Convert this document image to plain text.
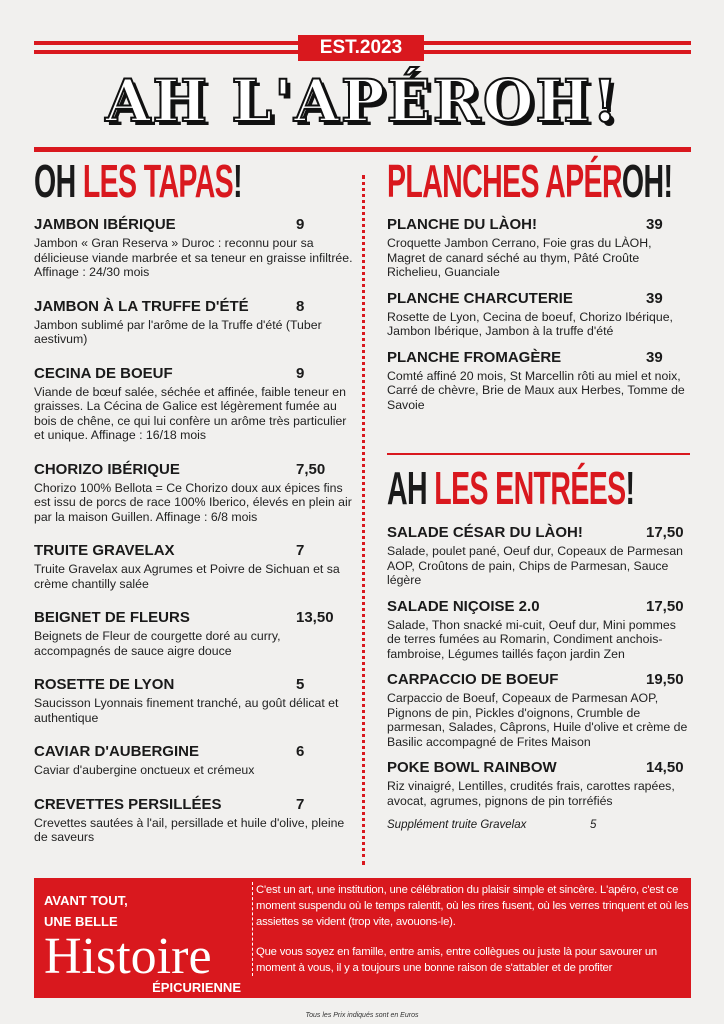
EST.2023
AH L'APÉROH!
OH LES TAPAS!	PLANCHES APÉROH!
JAMBON IBÉRIQUE	9
Jambon « Gran Reserva » Duroc : reconnu pour sa délicieuse viande marbrée et sa teneur en graisse infiltrée. Affinage : 24/30 mois
JAMBON À LA TRUFFE D'ÉTÉ	8
Jambon sublimé par l'arôme de la Truffe d'été (Tuber aestivum)
CECINA DE BOEUF	9
Viande de bœuf salée, séchée et affinée, faible teneur en graisses. La Cécina de Galice est légèrement fumée au bois de chêne, ce qui lui confère un arôme très particulier et unique. Affinage : 16/18 mois
CHORIZO IBÉRIQUE	7,50
Chorizo 100% Bellota = Ce Chorizo doux aux épices fins est issu de porcs de race 100% Iberico, élevés en plein air par la maison Guillen. Affinage : 6/8 mois
TRUITE GRAVELAX	7
Truite Gravelax aux Agrumes et Poivre de Sichuan et sa crème chantilly salée
BEIGNET DE FLEURS	13,50
Beignets de Fleur de courgette doré au curry, accompagnés de sauce aigre douce
ROSETTE DE LYON	5
Saucisson Lyonnais finement tranché, au goût délicat et authentique
CAVIAR D'AUBERGINE	6
Caviar d'aubergine onctueux et crémeux
CREVETTES PERSILLÉES	7
Crevettes sautées à l'ail, persillade et huile d'olive, pleine de saveurs
PLANCHE DU LÀOH!	39
Croquette Jambon Cerrano, Foie gras du LÀOH, Magret de canard séché au thym, Pâté Croûte Richelieu, Guanciale
PLANCHE CHARCUTERIE	39
Rosette de Lyon, Cecina de boeuf, Chorizo Ibérique, Jambon Ibérique, Jambon à la truffe d'été
PLANCHE FROMAGÈRE	39
Comté affiné 20 mois, St Marcellin rôti au miel et noix, Carré de chèvre, Brie de Maux aux Herbes, Tomme de Savoie
AH LES ENTRÉES!
SALADE CÉSAR DU LÀOH!	17,50
Salade, poulet pané, Oeuf dur, Copeaux de Parmesan AOP, Croûtons de pain, Chips de Parmesan, Sauce légère
SALADE NIÇOISE 2.0	17,50
Salade, Thon snacké mi-cuit, Oeuf dur, Mini pommes de terres fumées au Romarin, Condiment anchois-fambroise, Légumes taillés façon jardin Zen
CARPACCIO DE BOEUF	19,50
Carpaccio de Boeuf, Copeaux de Parmesan AOP, Pignons de pin, Pickles d'oignons, Crumble de parmesan, Salades, Câprons, Huile d'olive et crème de Basilic accompagné de Frites Maison
POKE BOWL RAINBOW	14,50
Riz vinaigré, Lentilles, crudités frais, carottes rapées, avocat, agrumes, pignons de pin torréfiés
Supplément truite Gravelax	5
AVANT TOUT,
UNE BELLE
Histoire
ÉPICURIENNE

C'est un art, une institution, une célébration du plaisir simple et sincère. L'apéro, c'est ce moment suspendu où le temps ralentit, où les rires fusent, où les verres trinquent et où les assiettes se vident (trop vite, avouons-le).

Que vous soyez en famille, entre amis, entre collègues ou juste là pour savourer un moment à vous, il y a toujours une bonne raison de s'attabler et de profiter

Tous les Prix indiqués sont en Euros
